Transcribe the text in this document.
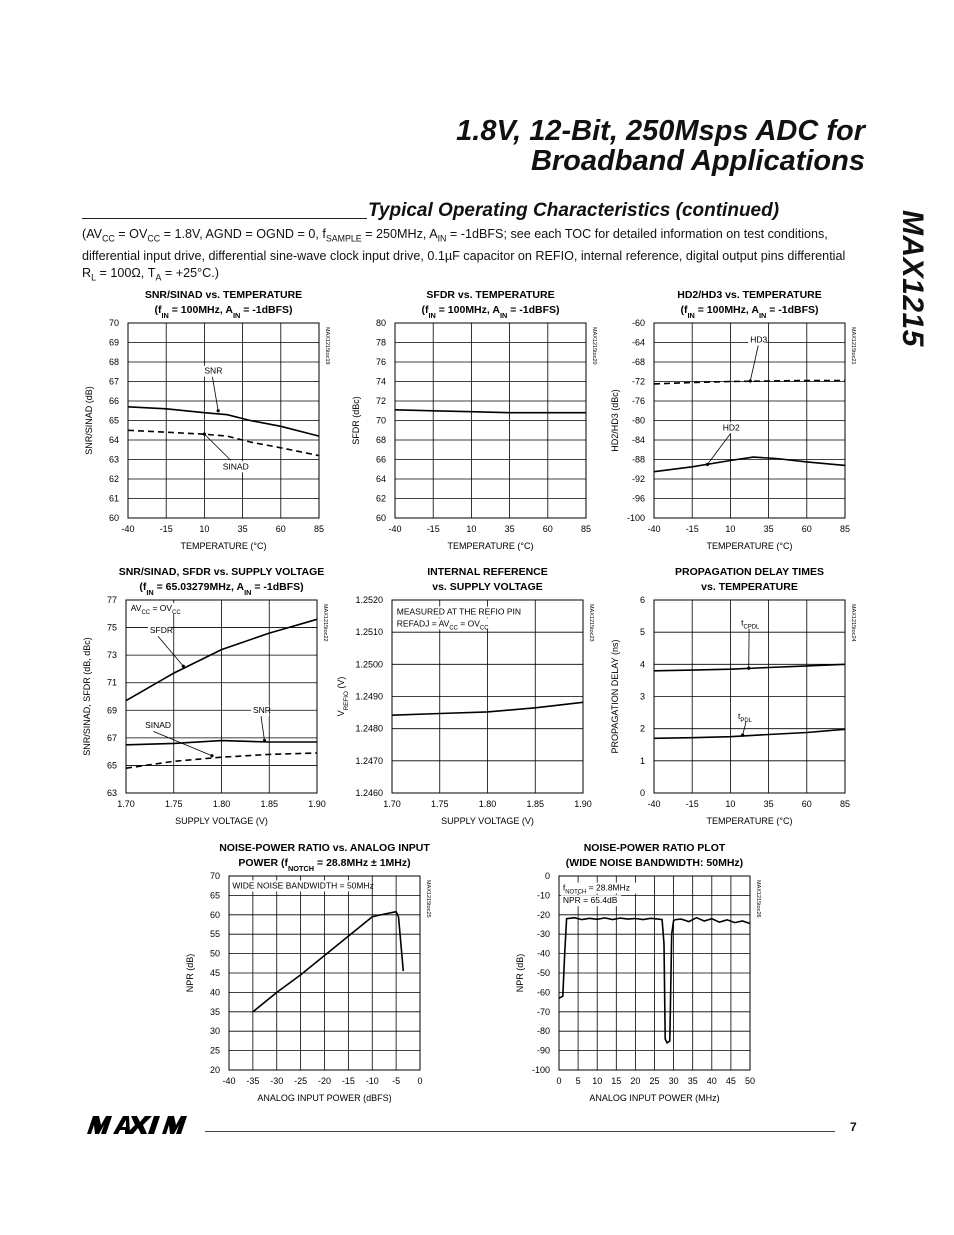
1.8V, 12-Bit, 250Msps ADC for
Broadband Applications
Typical Operating Characteristics (continued)
($AV_{CC} = OV_{CC} = 1.8V$, AGND = OGND = 0, $f_{SAMPLE} = 250MHz$, $A_{IN}$ = -1dBFS; see each TOC for detailed information on test conditions, differential input drive, differential sine-wave clock input drive, 0.1µF capacitor on REFIO, internal reference, digital output pins differential $R_L = 100\Omega$, $T_A = +25^\circ C$.)	MAX1215
SNR/SINAD vs. TEMPERATURE
($f_{IN} = 100MHz$, $A_{IN}$ = -1dBFS)
-40	-15	10	35	60	85
60
61
62
63
64
65
66
67
68
69
70
TEMPERATURE (°C)
SNR/SINAD (dB)
MAX1215toc19
SNR
SINAD
SFDR vs. TEMPERATURE
($f_{IN} = 100MHz$, $A_{IN}$ = -1dBFS)
-40	-15	10	35	60	85
60
62
64
66
68
70
72
74
76
78
80
TEMPERATURE (°C)
SFDR (dBc)
MAX1215toc20
HD2/HD3 vs. TEMPERATURE
($f_{IN} = 100MHz$, $A_{IN}$ = -1dBFS)
-40	-15	10	35	60	85
-100
-96
-92
-88
-84
-80
-76
-72
-68
-64
-60
TEMPERATURE (°C)
HD2/HD3 (dBc)
MAX1215toc21
HD3
HD2
SNR/SINAD, SFDR vs. SUPPLY VOLTAGE
($f_{IN} = 65.03279MHz$, $A_{IN}$ = -1dBFS)
1.70	1.75	1.80	1.85	1.90
63
65
67
69
71
73
75
77
SUPPLY VOLTAGE (V)
SNR/SINAD, SFDR (dB, dBc)
MAX1215toc22
$AV_{CC} = OV_{CC}$
SFDR
SINAD
SNR
INTERNAL REFERENCE
vs. SUPPLY VOLTAGE
1.70	1.75	1.80	1.85	1.90
1.2460
1.2470
1.2480
1.2490
1.2500
1.2510
1.2520
SUPPLY VOLTAGE (V)
$V_{REFIO}$ (V)
MAX1215toc23
MEASURED AT THE REFIO PIN
REFADJ = $AV_{CC} = OV_{CC}$
PROPAGATION DELAY TIMES
vs. TEMPERATURE
-40	-15	10	35	60	85
0
1
2
3
4
5
6
TEMPERATURE (°C)
PROPAGATION DELAY (ns)
MAX1215toc24
$t_{CPDL}$
$t_{PDL}$
NOISE-POWER RATIO vs. ANALOG INPUT
POWER $(f_{NOTCH} = 28.8MHz \pm 1MHz)$
-40 -35 -30 -25 -20 -15 -10 -5 0
20
25
30
35
40
45
50
55
60
65
70
ANALOG INPUT POWER (dBFS)
NPR (dB)
MAX1215toc25
WIDE NOISE BANDWIDTH = 50MHz
NOISE-POWER RATIO PLOT
(WIDE NOISE BANDWIDTH: 50MHz)
0 5 10 15 20 25 30 35 40 45 50
-100
-90
-80
-70
-60
-50
-40
-30
-20
-10
0
ANALOG INPUT POWER (MHz)
NPR (dB)
MAX1215toc26
$f_{NOTCH} = 28.8MHz$
NPR = 65.4dB
7
